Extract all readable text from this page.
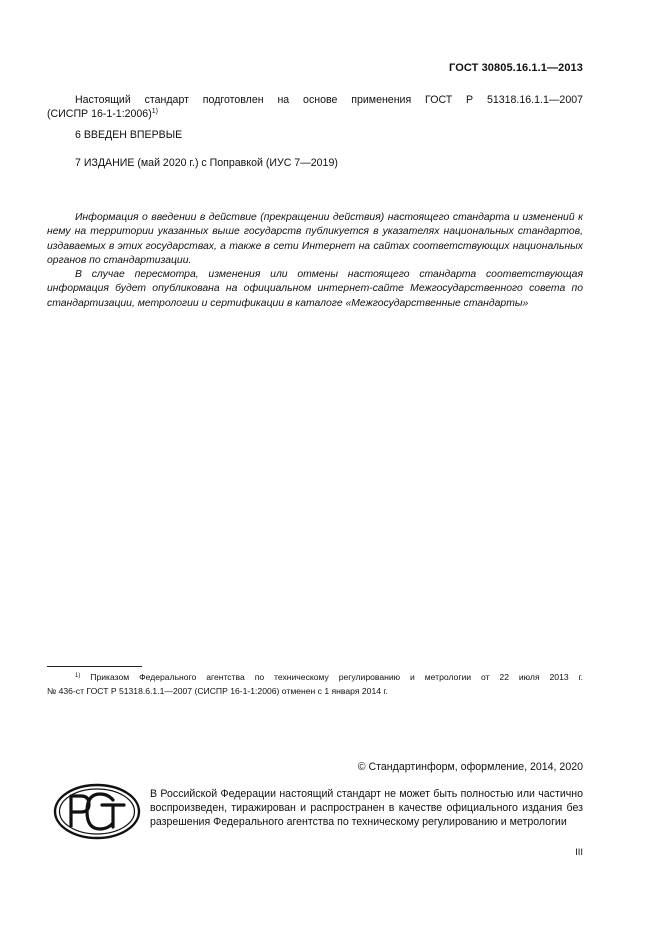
ГОСТ 30805.16.1.1—2013
Настоящий стандарт подготовлен на основе применения ГОСТ Р 51318.16.1.1—2007
(СИСПР 16-1-1:2006)$^{1)}$
6 ВВЕДЕН ВПЕРВЫЕ
7 ИЗДАНИЕ (май 2020 г.) с Поправкой (ИУС 7—2019)

Информация о введении в действие (прекращении действия) настоящего стандарта и изменений к нему на территории указанных выше государств публикуется в указателях национальных стандартов, издаваемых в этих государствах, а также в сети Интернет на сайтах соответствующих национальных органов по стандартизации.

В случае пересмотра, изменения или отмены настоящего стандарта соответствующая информация будет опубликована на официальном интернет-сайте Межгосударственного совета по стандартизации, метрологии и сертификации в каталоге «Межгосударственные стандарты»

$^{1)}$ Приказом Федерального агентства по техническому регулированию и метрологии от 22 июля 2013 г.
№ 436-ст ГОСТ Р 51318.6.1.1—2007 (СИСПР 16-1-1:2006) отменен с 1 января 2014 г.
© Стандартинформ, оформление, 2014, 2020
В Российской Федерации настоящий стандарт не может быть полностью или частично воспроизведен, тиражирован и распространен в качестве официального издания без разрешения Федерального агентства по техническому регулированию и метрологии
III
